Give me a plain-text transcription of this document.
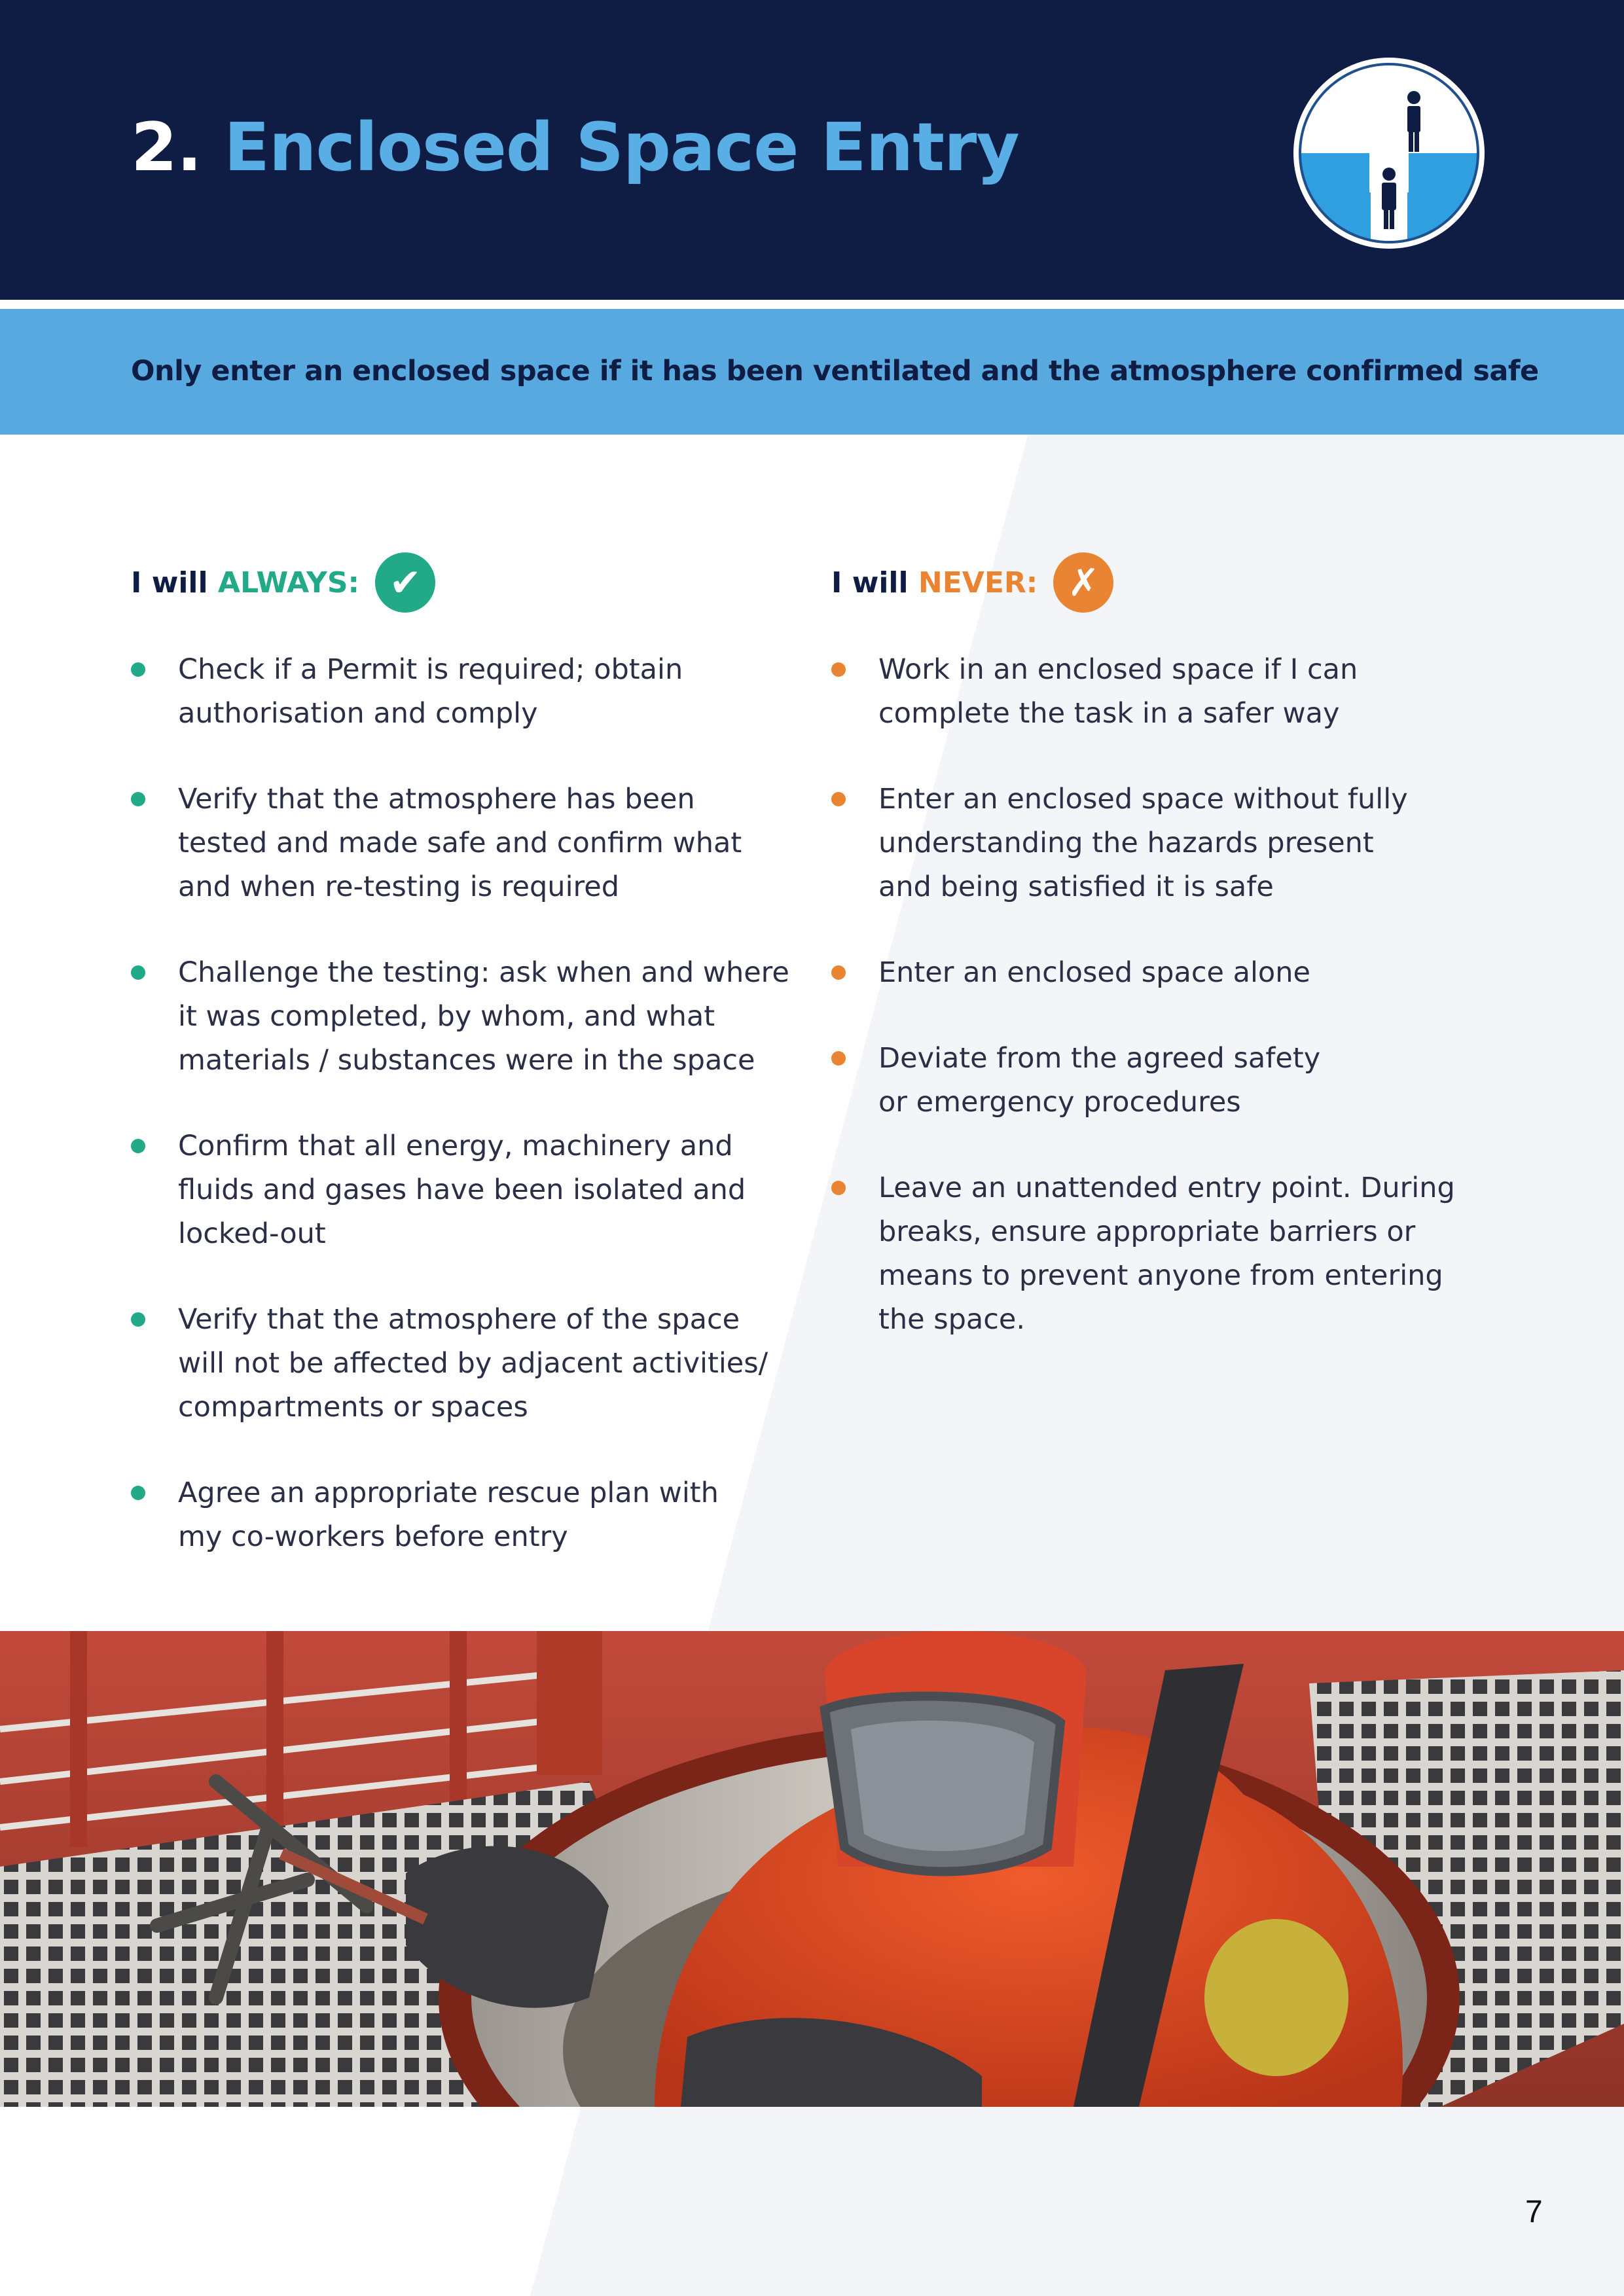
2. Enclosed Space Entry
Only enter an enclosed space if it has been ventilated and the atmosphere confirmed safe
I will ALWAYS: ✔
Check if a Permit is required; obtain
authorisation and comply
Verify that the atmosphere has been
tested and made safe and confirm what
and when re-testing is required
Challenge the testing: ask when and where
it was completed, by whom, and what
materials / substances were in the space
Confirm that all energy, machinery and
fluids and gases have been isolated and
locked-out
Verify that the atmosphere of the space
will not be affected by adjacent activities/
compartments or spaces
Agree an appropriate rescue plan with
my co-workers before entry
I will NEVER: ✗
Work in an enclosed space if I can
complete the task in a safer way
Enter an enclosed space without fully
understanding the hazards present
and being satisfied it is safe
Enter an enclosed space alone
Deviate from the agreed safety
or emergency procedures
Leave an unattended entry point. During
breaks, ensure appropriate barriers or
means to prevent anyone from entering
the space.
7
